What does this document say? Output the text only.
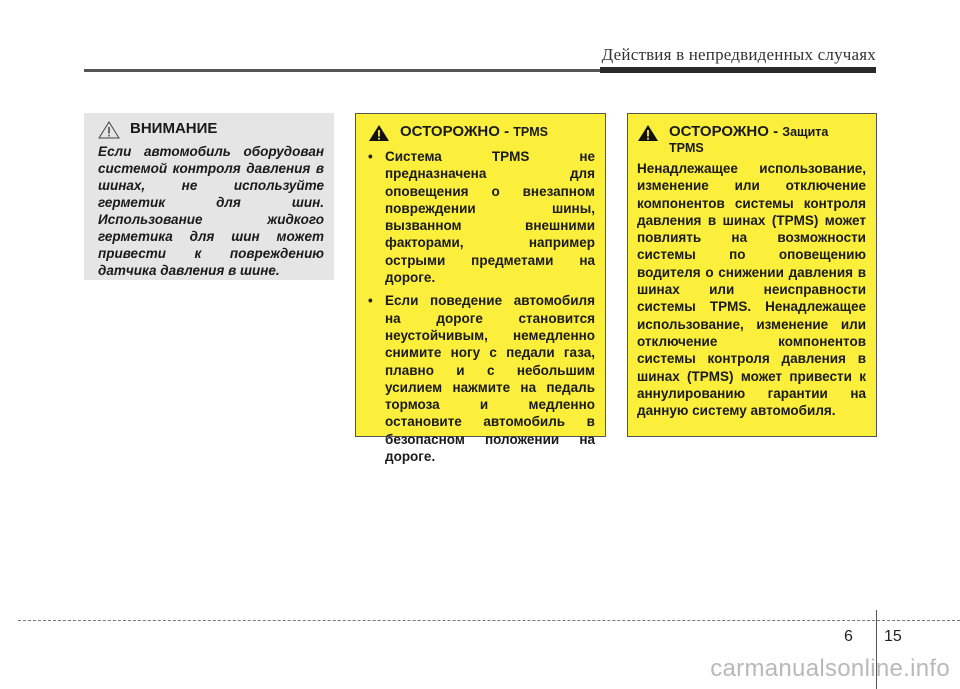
Действия в непредвиденных случаях
ВНИМАНИЕ

Если автомобиль оборудован системой контроля давления в шинах, не используйте герметик для шин. Использование жидкого герметика для шин может привести к повреждению датчика давления в шине.

ОСТОРОЖНО - TPMS
• Система TPMS не предназначена для оповещения о внезапном повреждении шины, вызванном внешними факторами, например острыми предметами на дороге.
• Если поведение автомобиля на дороге становится неустойчивым, немедленно снимите ногу с педали газа, плавно и с небольшим усилием нажмите на педаль тормоза и медленно остановите автомобиль в безопасном положении на дороге.
ОСТОРОЖНО - Защита TPMS

Ненадлежащее использование, изменение или отключение компонентов системы контроля давления в шинах (TPMS) может повлиять на возможности системы по оповещению водителя о снижении давления в шинах или неисправности системы TPMS. Ненадлежащее использование, изменение или отключение компонентов системы контроля давления в шинах (TPMS) может привести к аннулированию гарантии на данную систему автомобиля.

6 15
carmanualsonline.info
